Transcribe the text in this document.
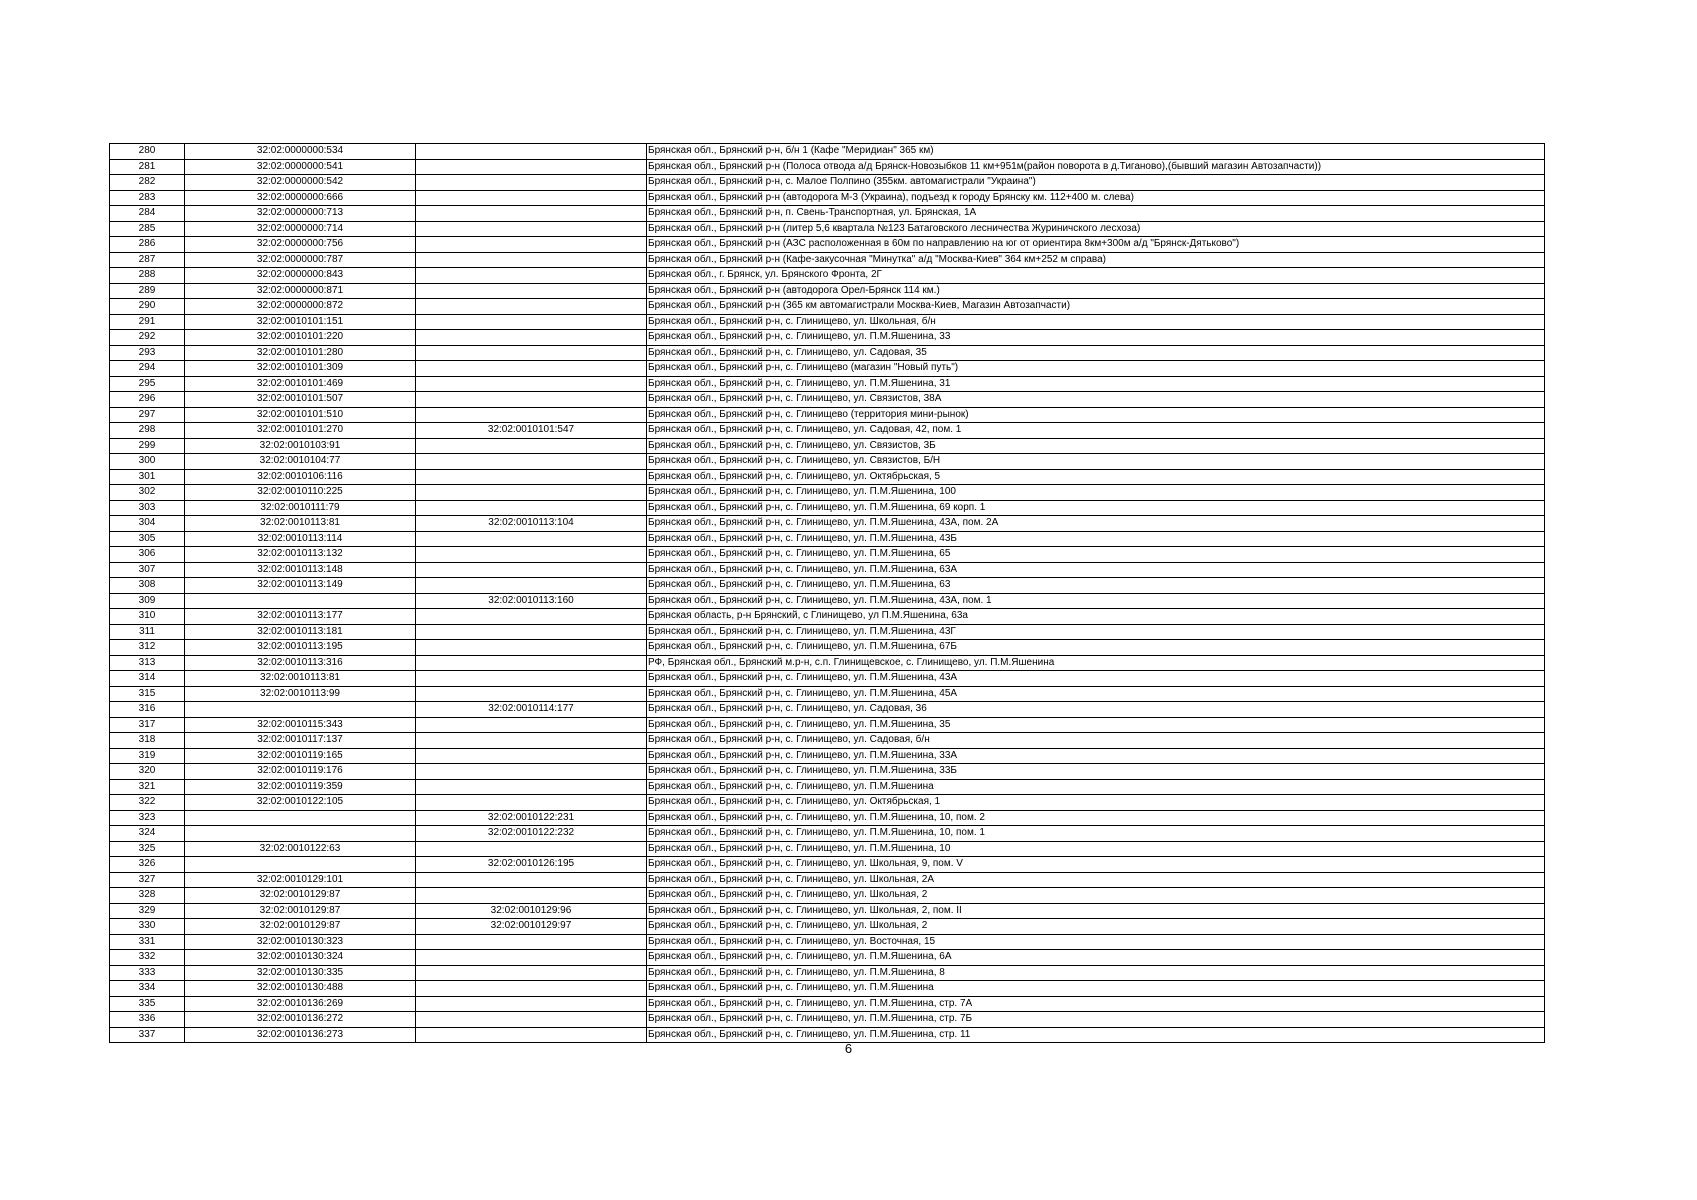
280	32:02:0000000:534		Брянская обл., Брянский р-н, б/н 1 (Кафе "Меридиан" 365 км)
281	32:02:0000000:541		Брянская обл., Брянский р-н (Полоса отвода а/д Брянск-Новозыбков 11 км+951м(район поворота в д.Тиганово),(бывший магазин Автозапчасти))
282	32:02:0000000:542		Брянская обл., Брянский р-н, с. Малое Полпино (355км. автомагистрали "Украина")
283	32:02:0000000:666		Брянская обл., Брянский р-н (автодорога М-3 (Украина), подъезд к городу Брянску км. 112+400 м. слева)
284	32:02:0000000:713		Брянская обл., Брянский р-н, п. Свень-Транспортная, ул. Брянская, 1А
285	32:02:0000000:714		Брянская обл., Брянский р-н (литер 5,6 квартала №123 Батаговского лесничества Журиничского лесхоза)
286	32:02:0000000:756		Брянская обл., Брянский р-н (АЗС расположенная в 60м по направлению на юг от ориентира 8км+300м а/д "Брянск-Дятьково")
287	32:02:0000000:787		Брянская обл., Брянский р-н (Кафе-закусочная "Минутка" а/д "Москва-Киев" 364 км+252 м справа)
288	32:02:0000000:843		Брянская обл., г. Брянск, ул. Брянского Фронта, 2Г
289	32:02:0000000:871		Брянская обл., Брянский р-н (автодорога Орел-Брянск 114 км.)
290	32:02:0000000:872		Брянская обл., Брянский р-н (365 км автомагистрали Москва-Киев, Магазин Автозапчасти)
291	32:02:0010101:151		Брянская обл., Брянский р-н, с. Глинищево, ул. Школьная, б/н
292	32:02:0010101:220		Брянская обл., Брянский р-н, с. Глинищево, ул. П.М.Яшенина, 33
293	32:02:0010101:280		Брянская обл., Брянский р-н, с. Глинищево, ул. Садовая, 35
294	32:02:0010101:309		Брянская обл., Брянский р-н, с. Глинищево (магазин "Новый путь")
295	32:02:0010101:469		Брянская обл., Брянский р-н, с. Глинищево, ул. П.М.Яшенина, 31
296	32:02:0010101:507		Брянская обл., Брянский р-н, с. Глинищево, ул. Связистов, 38А
297	32:02:0010101:510		Брянская обл., Брянский р-н, с. Глинищево (территория мини-рынок)
298	32:02:0010101:270	32:02:0010101:547	Брянская обл., Брянский р-н, с. Глинищево, ул. Садовая, 42, пом. 1
299	32:02:0010103:91		Брянская обл., Брянский р-н, с. Глинищево, ул. Связистов, 3Б
300	32:02:0010104:77		Брянская обл., Брянский р-н, с. Глинищево, ул. Связистов, Б/Н
301	32:02:0010106:116		Брянская обл., Брянский р-н, с. Глинищево, ул. Октябрьская, 5
302	32:02:0010110:225		Брянская обл., Брянский р-н, с. Глинищево, ул. П.М.Яшенина, 100
303	32:02:0010111:79		Брянская обл., Брянский р-н, с. Глинищево, ул. П.М.Яшенина, 69 корп. 1
304	32:02:0010113:81	32:02:0010113:104	Брянская обл., Брянский р-н, с. Глинищево, ул. П.М.Яшенина, 43А, пом. 2А
305	32:02:0010113:114		Брянская обл., Брянский р-н, с. Глинищево, ул. П.М.Яшенина, 43Б
306	32:02:0010113:132		Брянская обл., Брянский р-н, с. Глинищево, ул. П.М.Яшенина, 65
307	32:02:0010113:148		Брянская обл., Брянский р-н, с. Глинищево, ул. П.М.Яшенина, 63А
308	32:02:0010113:149		Брянская обл., Брянский р-н, с. Глинищево, ул. П.М.Яшенина, 63
309		32:02:0010113:160	Брянская обл., Брянский р-н, с. Глинищево, ул. П.М.Яшенина, 43А, пом. 1
310	32:02:0010113:177		Брянская область, р-н Брянский, с Глинищево, ул П.М.Яшенина, 63а
311	32:02:0010113:181		Брянская обл., Брянский р-н, с. Глинищево, ул. П.М.Яшенина, 43Г
312	32:02:0010113:195		Брянская обл., Брянский р-н, с. Глинищево, ул. П.М.Яшенина, 67Б
313	32:02:0010113:316		РФ, Брянская обл., Брянский м.р-н, с.п. Глинищевское, с. Глинищево, ул. П.М.Яшенина
314	32:02:0010113:81		Брянская обл., Брянский р-н, с. Глинищево, ул. П.М.Яшенина, 43А
315	32:02:0010113:99		Брянская обл., Брянский р-н, с. Глинищево, ул. П.М.Яшенина, 45А
316		32:02:0010114:177	Брянская обл., Брянский р-н, с. Глинищево, ул. Садовая, 36
317	32:02:0010115:343		Брянская обл., Брянский р-н, с. Глинищево, ул. П.М.Яшенина, 35
318	32:02:0010117:137		Брянская обл., Брянский р-н, с. Глинищево, ул. Садовая, б/н
319	32:02:0010119:165		Брянская обл., Брянский р-н, с. Глинищево, ул. П.М.Яшенина, 33А
320	32:02:0010119:176		Брянская обл., Брянский р-н, с. Глинищево, ул. П.М.Яшенина, 33Б
321	32:02:0010119:359		Брянская обл., Брянский р-н, с. Глинищево, ул. П.М.Яшенина
322	32:02:0010122:105		Брянская обл., Брянский р-н, с. Глинищево, ул. Октябрьская, 1
323		32:02:0010122:231	Брянская обл., Брянский р-н, с. Глинищево, ул. П.М.Яшенина, 10, пом. 2
324		32:02:0010122:232	Брянская обл., Брянский р-н, с. Глинищево, ул. П.М.Яшенина, 10, пом. 1
325	32:02:0010122:63		Брянская обл., Брянский р-н, с. Глинищево, ул. П.М.Яшенина, 10
326		32:02:0010126:195	Брянская обл., Брянский р-н, с. Глинищево, ул. Школьная, 9, пом. V
327	32:02:0010129:101		Брянская обл., Брянский р-н, с. Глинищево, ул. Школьная, 2А
328	32:02:0010129:87		Брянская обл., Брянский р-н, с. Глинищево, ул. Школьная, 2
329	32:02:0010129:87	32:02:0010129:96	Брянская обл., Брянский р-н, с. Глинищево, ул. Школьная, 2, пом. II
330	32:02:0010129:87	32:02:0010129:97	Брянская обл., Брянский р-н, с. Глинищево, ул. Школьная, 2
331	32:02:0010130:323		Брянская обл., Брянский р-н, с. Глинищево, ул. Восточная, 15
332	32:02:0010130:324		Брянская обл., Брянский р-н, с. Глинищево, ул. П.М.Яшенина, 6А
333	32:02:0010130:335		Брянская обл., Брянский р-н, с. Глинищево, ул. П.М.Яшенина, 8
334	32:02:0010130:488		Брянская обл., Брянский р-н, с. Глинищево, ул. П.М.Яшенина
335	32:02:0010136:269		Брянская обл., Брянский р-н, с. Глинищево, ул. П.М.Яшенина, стр. 7А
336	32:02:0010136:272		Брянская обл., Брянский р-н, с. Глинищево, ул. П.М.Яшенина, стр. 7Б
337	32:02:0010136:273		Брянская обл., Брянский р-н, с. Глинищево, ул. П.М.Яшенина, стр. 11
6
